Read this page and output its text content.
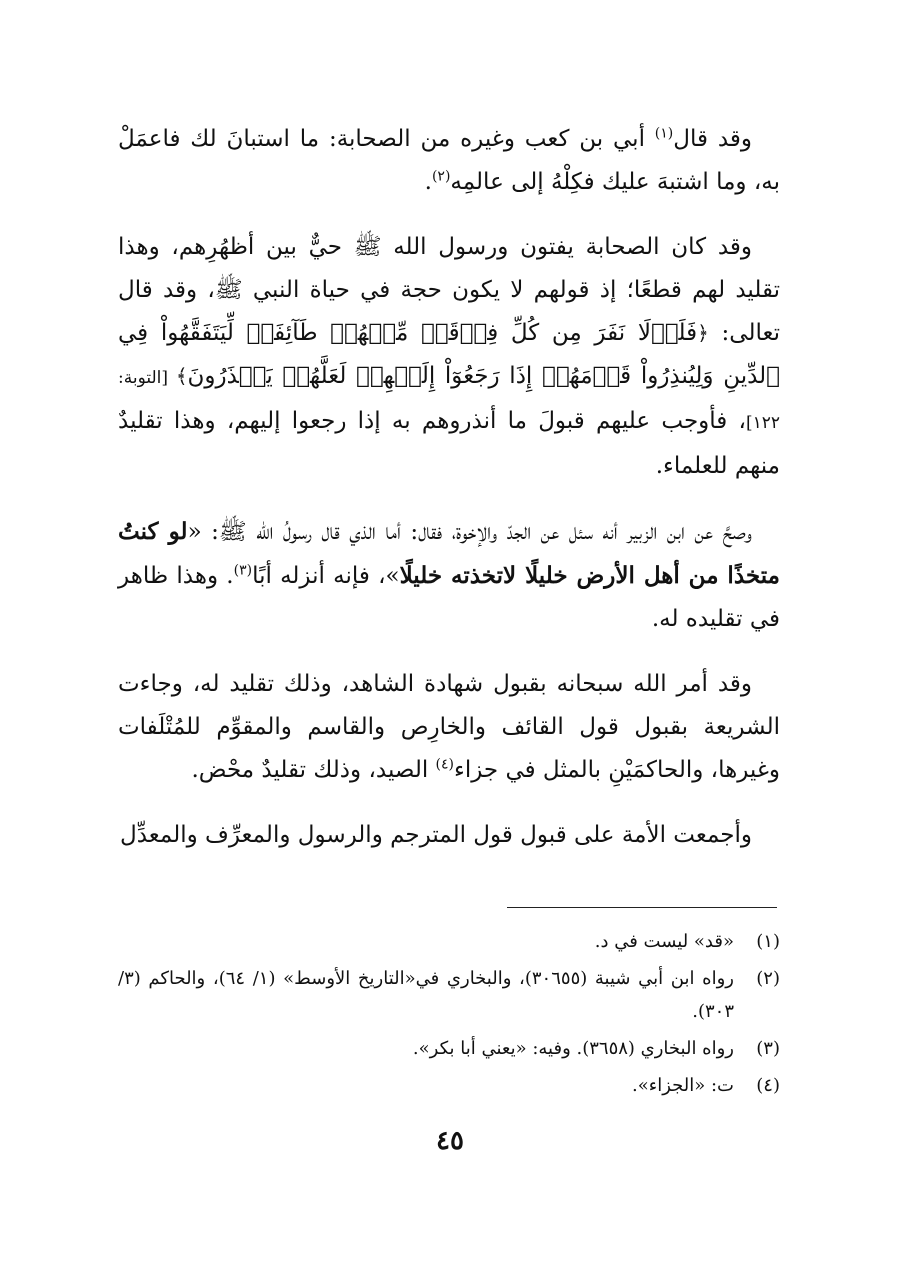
وقد قال$^{(١)}$ أبي بن كعب وغيره من الصحابة: ما استبانَ لك فاعمَلْ به، وما اشتبهَ عليك فكِلْهُ إلى عالمِه$^{(٢)}$.

وقد كان الصحابة يفتون ورسول الله ﷺ حيٌّ بين أظهُرِهم، وهذا تقليد لهم قطعًا؛ إذ قولهم لا يكون حجة في حياة النبي ﷺ، وقد قال تعالى: ﴿فَلَوۡلَا نَفَرَ مِن كُلِّ فِرۡقَةٖ مِّنۡهُمۡ طَآئِفَةٞ لِّيَتَفَقَّهُواْ فِي ٱلدِّينِ وَلِيُنذِرُواْ قَوۡمَهُمۡ إِذَا رَجَعُوٓاْ إِلَيۡهِمۡ لَعَلَّهُمۡ يَحۡذَرُونَ﴾ [التوبة: ١٢٢]، فأوجب عليهم قبولَ ما أنذروهم به إذا رجعوا إليهم، وهذا تقليدٌ منهم للعلماء.

وصحَّ عن ابن الزبير أنه سئل عن الجدّ والإخوة، فقال: أما الذي قال رسولُ الله ﷺ: «لو كنتُ متخذًا من أهل الأرض خليلًا لاتخذته خليلًا»، فإنه أنزله أبًا$^{(٣)}$. وهذا ظاهر في تقليده له.

وقد أمر الله سبحانه بقبول شهادة الشاهد، وذلك تقليد له، وجاءت الشريعة بقبول قول القائف والخارِص والقاسم والمقوِّم للمُتْلَفات وغيرها، والحاكمَيْنِ بالمثل في جزاء$^{(٤)}$ الصيد، وذلك تقليدٌ محْض.

وأجمعت الأمة على قبول قول المترجم والرسول والمعرِّف والمعدِّل

(١)
«قد» ليست في د.
(٢)
رواه ابن أبي شيبة (٣٠٦٥٥)، والبخاري في«التاريخ الأوسط» (١/ ٦٤)، والحاكم (٣/ ٣٠٣).
(٣)
رواه البخاري (٣٦٥٨). وفيه: «يعني أبا بكر».
(٤)
ت: «الجزاء».
٤٥
